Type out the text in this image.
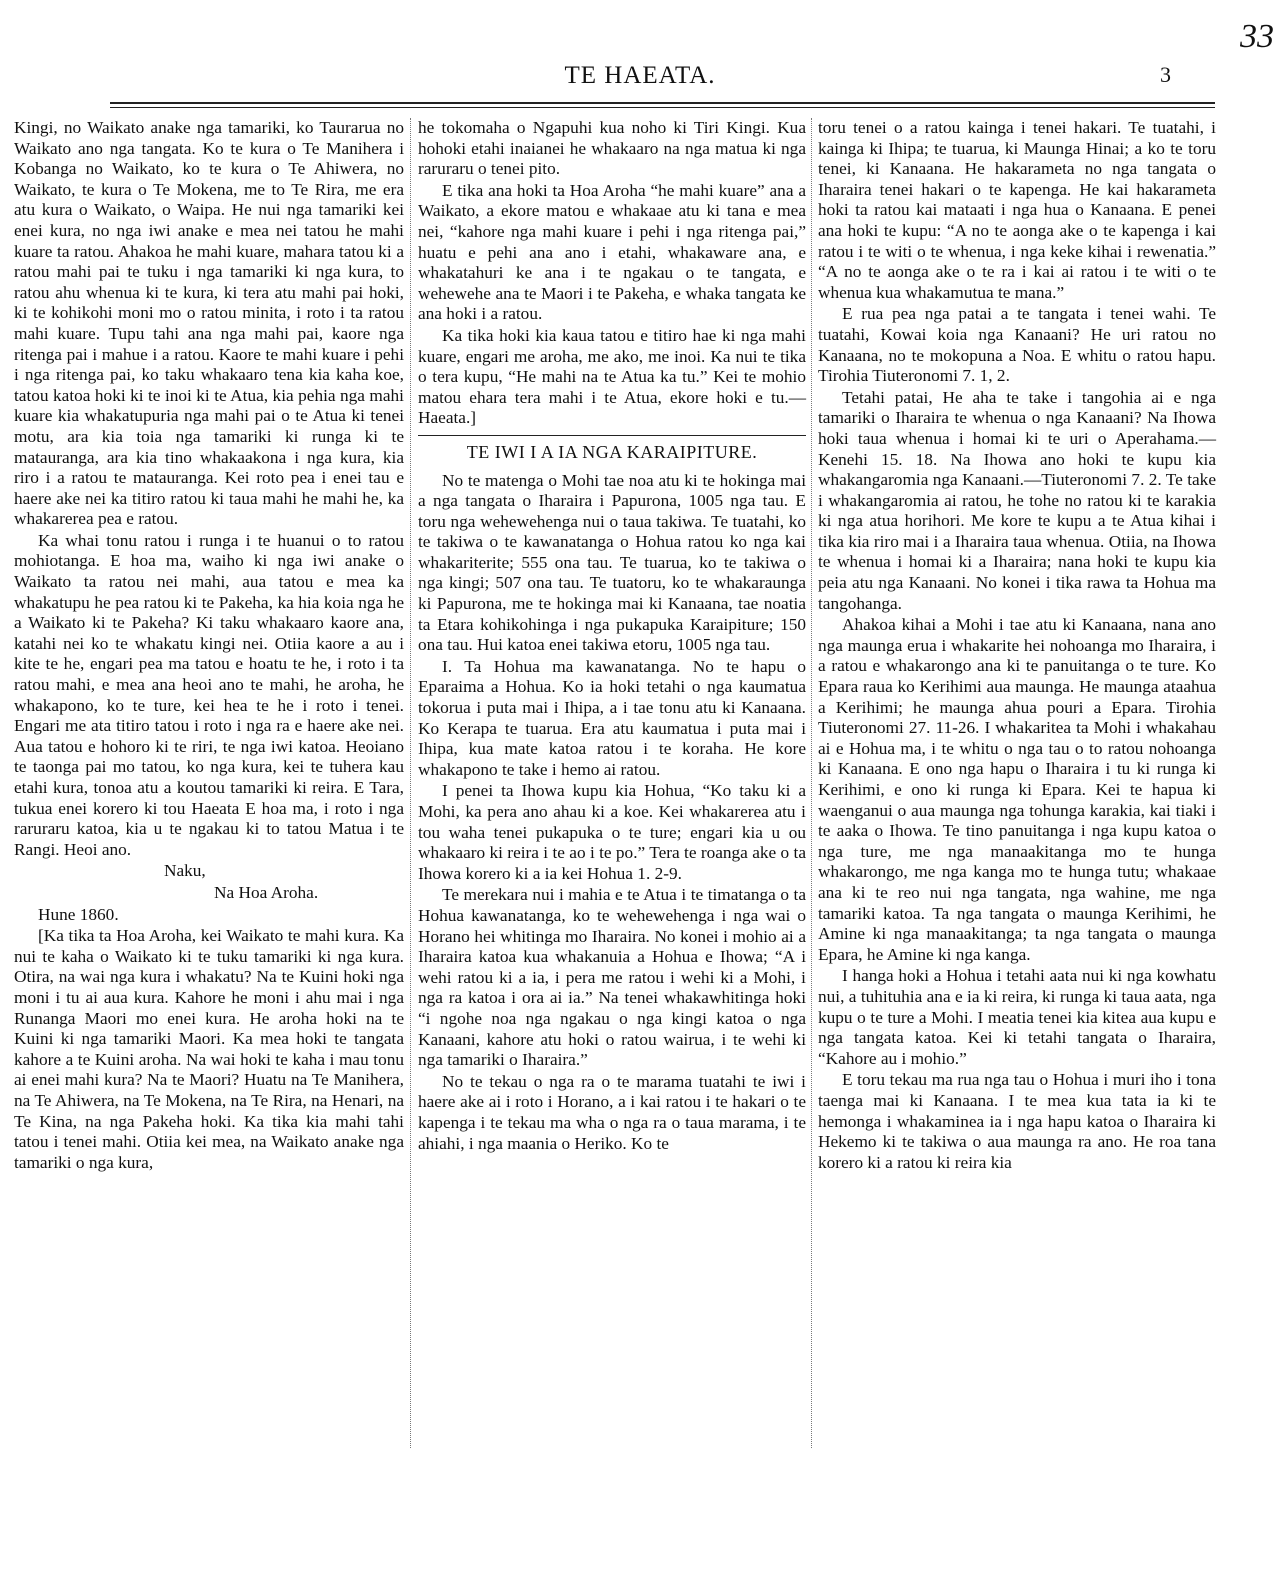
33
TE HAEATA.	3

Kingi, no Waikato anake nga tamariki, ko Taurarua no Waikato ano nga tangata. Ko te kura o Te Manihera i Kobanga no Waikato, ko te kura o Te Ahiwera, no Waikato, te kura o Te Mokena, me to Te Rira, me era atu kura o Waikato, o Waipa. He nui nga tamariki kei enei kura, no nga iwi anake e mea nei tatou he mahi kuare ta ratou. Ahakoa he mahi kuare, mahara tatou ki a ratou mahi pai te tuku i nga tamariki ki nga kura, to ratou ahu whenua ki te kura, ki tera atu mahi pai hoki, ki te kohikohi moni mo o ratou minita, i roto i ta ratou mahi kuare. Tupu tahi ana nga mahi pai, kaore nga ritenga pai i mahue i a ratou. Kaore te mahi kuare i pehi i nga ritenga pai, ko taku whakaaro tena kia kaha koe, tatou katoa hoki ki te inoi ki te Atua, kia pehia nga mahi kuare kia whakatupuria nga mahi pai o te Atua ki tenei motu, ara kia toia nga tamariki ki runga ki te matauranga, ara kia tino whakaakona i nga kura, kia riro i a ratou te matauranga. Kei roto pea i enei tau e haere ake nei ka titiro ratou ki taua mahi he mahi he, ka whakarerea pea e ratou.

Ka whai tonu ratou i runga i te huanui o to ratou mohiotanga. E hoa ma, waiho ki nga iwi anake o Waikato ta ratou nei mahi, aua tatou e mea ka whakatupu he pea ratou ki te Pakeha, ka hia koia nga he a Waikato ki te Pakeha? Ki taku whakaaro kaore ana, katahi nei ko te whakatu kingi nei. Otiia kaore a au i kite te he, engari pea ma tatou e hoatu te he, i roto i ta ratou mahi, e mea ana heoi ano te mahi, he aroha, he whakapono, ko te ture, kei hea te he i roto i tenei. Engari me ata titiro tatou i roto i nga ra e haere ake nei. Aua tatou e hohoro ki te riri, te nga iwi katoa. Heoiano te taonga pai mo tatou, ko nga kura, kei te tuhera kau etahi kura, tonoa atu a koutou tamariki ki reira. E Tara, tukua enei korero ki tou Haeata E hoa ma, i roto i nga raruraru katoa, kia u te ngakau ki to tatou Matua i te Rangi. Heoi ano.

Naku,

Na Hoa Aroha.

Hune 1860.

[Ka tika ta Hoa Aroha, kei Waikato te mahi kura. Ka nui te kaha o Waikato ki te tuku tamariki ki nga kura. Otira, na wai nga kura i whakatu? Na te Kuini hoki nga moni i tu ai aua kura. Kahore he moni i ahu mai i nga Runanga Maori mo enei kura. He aroha hoki na te Kuini ki nga tamariki Maori. Ka mea hoki te tangata kahore a te Kuini aroha. Na wai hoki te kaha i mau tonu ai enei mahi kura? Na te Maori? Huatu na Te Manihera, na Te Ahiwera, na Te Mokena, na Te Rira, na Henari, na Te Kina, na nga Pakeha hoki. Ka tika kia mahi tahi tatou i tenei mahi. Otiia kei mea, na Waikato anake nga tamariki o nga kura,

he tokomaha o Ngapuhi kua noho ki Tiri Kingi. Kua hohoki etahi inaianei he whakaaro na nga matua ki nga raruraru o tenei pito.

E tika ana hoki ta Hoa Aroha “he mahi kuare” ana a Waikato, a ekore matou e whakaae atu ki tana e mea nei, “kahore nga mahi kuare i pehi i nga ritenga pai,” huatu e pehi ana ano i etahi, whakaware ana, e whakatahuri ke ana i te ngakau o te tangata, e wehewehe ana te Maori i te Pakeha, e whaka tangata ke ana hoki i a ratou.

Ka tika hoki kia kaua tatou e titiro hae ki nga mahi kuare, engari me aroha, me ako, me inoi. Ka nui te tika o tera kupu, “He mahi na te Atua ka tu.” Kei te mohio matou ehara tera mahi i te Atua, ekore hoki e tu.—Haeata.]

TE IWI I A IA NGA KARAIPITURE.

No te matenga o Mohi tae noa atu ki te hokinga mai a nga tangata o Iharaira i Papurona, 1005 nga tau. E toru nga wehewehenga nui o taua takiwa. Te tuatahi, ko te takiwa o te kawanatanga o Hohua ratou ko nga kai whakariterite; 555 ona tau. Te tuarua, ko te takiwa o nga kingi; 507 ona tau. Te tuatoru, ko te whakaraunga ki Papurona, me te hokinga mai ki Kanaana, tae noatia ta Etara kohikohinga i nga pukapuka Karaipiture; 150 ona tau. Hui katoa enei takiwa etoru, 1005 nga tau.

I. Ta Hohua ma kawanatanga. No te hapu o Eparaima a Hohua. Ko ia hoki tetahi o nga kaumatua tokorua i puta mai i Ihipa, a i tae tonu atu ki Kanaana. Ko Kerapa te tuarua. Era atu kaumatua i puta mai i Ihipa, kua mate katoa ratou i te koraha. He kore whakapono te take i hemo ai ratou.

I penei ta Ihowa kupu kia Hohua, “Ko taku ki a Mohi, ka pera ano ahau ki a koe. Kei whakarerea atu i tou waha tenei pukapuka o te ture; engari kia u ou whakaaro ki reira i te ao i te po.” Tera te roanga ake o ta Ihowa korero ki a ia kei Hohua 1. 2-9.

Te merekara nui i mahia e te Atua i te timatanga o ta Hohua kawanatanga, ko te wehewehenga i nga wai o Horano hei whitinga mo Iharaira. No konei i mohio ai a Iharaira katoa kua whakanuia a Hohua e Ihowa; “A i wehi ratou ki a ia, i pera me ratou i wehi ki a Mohi, i nga ra katoa i ora ai ia.” Na tenei whakawhitinga hoki “i ngohe noa nga ngakau o nga kingi katoa o nga Kanaani, kahore atu hoki o ratou wairua, i te wehi ki nga tamariki o Iharaira.”

No te tekau o nga ra o te marama tuatahi te iwi i haere ake ai i roto i Horano, a i kai ratou i te hakari o te kapenga i te tekau ma wha o nga ra o taua marama, i te ahiahi, i nga maania o Heriko. Ko te

toru tenei o a ratou kainga i tenei hakari. Te tuatahi, i kainga ki Ihipa; te tuarua, ki Maunga Hinai; a ko te toru tenei, ki Kanaana. He hakarameta no nga tangata o Iharaira tenei hakari o te kapenga. He kai hakarameta hoki ta ratou kai mataati i nga hua o Kanaana. E penei ana hoki te kupu: “A no te aonga ake o te kapenga i kai ratou i te witi o te whenua, i nga keke kihai i rewenatia.” “A no te aonga ake o te ra i kai ai ratou i te witi o te whenua kua whakamutua te mana.”

E rua pea nga patai a te tangata i tenei wahi. Te tuatahi, Kowai koia nga Kanaani? He uri ratou no Kanaana, no te mokopuna a Noa. E whitu o ratou hapu. Tirohia Tiuteronomi 7. 1, 2.

Tetahi patai, He aha te take i tangohia ai e nga tamariki o Iharaira te whenua o nga Kanaani? Na Ihowa hoki taua whenua i homai ki te uri o Aperahama.—Kenehi 15. 18. Na Ihowa ano hoki te kupu kia whakangaromia nga Kanaani.—Tiuteronomi 7. 2. Te take i whakangaromia ai ratou, he tohe no ratou ki te karakia ki nga atua horihori. Me kore te kupu a te Atua kihai i tika kia riro mai i a Iharaira taua whenua. Otiia, na Ihowa te whenua i homai ki a Iharaira; nana hoki te kupu kia peia atu nga Kanaani. No konei i tika rawa ta Hohua ma tangohanga.

Ahakoa kihai a Mohi i tae atu ki Kanaana, nana ano nga maunga erua i whakarite hei nohoanga mo Iharaira, i a ratou e whakarongo ana ki te panuitanga o te ture. Ko Epara raua ko Kerihimi aua maunga. He maunga ataahua a Kerihimi; he maunga ahua pouri a Epara. Tirohia Tiuteronomi 27. 11-26. I whakaritea ta Mohi i whakahau ai e Hohua ma, i te whitu o nga tau o to ratou nohoanga ki Kanaana. E ono nga hapu o Iharaira i tu ki runga ki Kerihimi, e ono ki runga ki Epara. Kei te hapua ki waenganui o aua maunga nga tohunga karakia, kai tiaki i te aaka o Ihowa. Te tino panuitanga i nga kupu katoa o nga ture, me nga manaakitanga mo te hunga whakarongo, me nga kanga mo te hunga tutu; whakaae ana ki te reo nui nga tangata, nga wahine, me nga tamariki katoa. Ta nga tangata o maunga Kerihimi, he Amine ki nga manaakitanga; ta nga tangata o maunga Epara, he Amine ki nga kanga.

I hanga hoki a Hohua i tetahi aata nui ki nga kowhatu nui, a tuhituhia ana e ia ki reira, ki runga ki taua aata, nga kupu o te ture a Mohi. I meatia tenei kia kitea aua kupu e nga tangata katoa. Kei ki tetahi tangata o Iharaira, “Kahore au i mohio.”

E toru tekau ma rua nga tau o Hohua i muri iho i tona taenga mai ki Kanaana. I te mea kua tata ia ki te hemonga i whakaminea ia i nga hapu katoa o Iharaira ki Hekemo ki te takiwa o aua maunga ra ano. He roa tana korero ki a ratou ki reira kia
